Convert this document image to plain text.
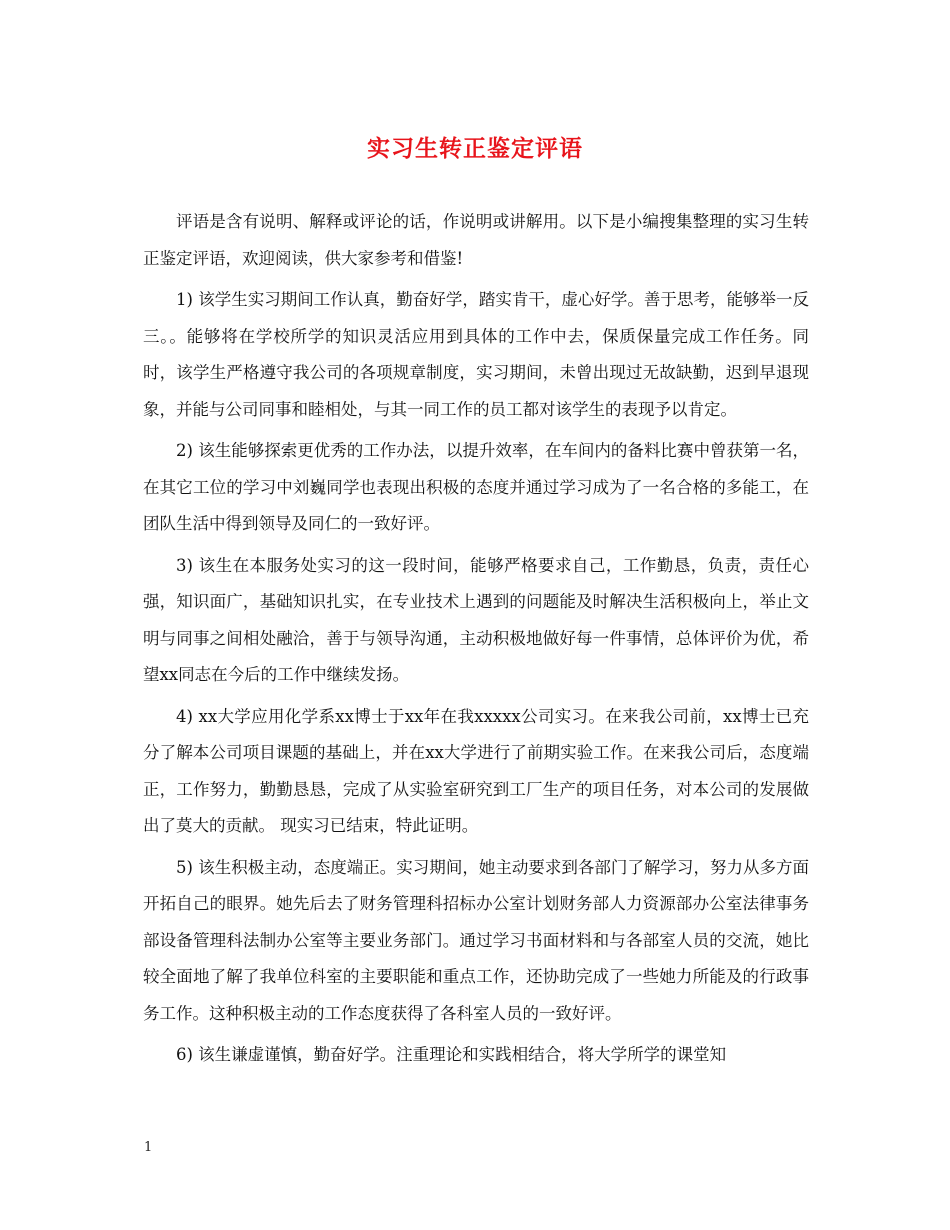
实习生转正鉴定评语

评语是含有说明、解释或评论的话，作说明或讲解用。以下是小编搜集整理的实习生转正鉴定评语，欢迎阅读，供大家参考和借鉴!

1) 该学生实习期间工作认真，勤奋好学，踏实肯干，虚心好学。善于思考，能够举一反三。。能够将在学校所学的知识灵活应用到具体的工作中去，保质保量完成工作任务。同时，该学生严格遵守我公司的各项规章制度，实习期间，未曾出现过无故缺勤，迟到早退现象，并能与公司同事和睦相处，与其一同工作的员工都对该学生的表现予以肯定。

2) 该生能够探索更优秀的工作办法，以提升效率，在车间内的备料比赛中曾获第一名，在其它工位的学习中刘巍同学也表现出积极的态度并通过学习成为了一名合格的多能工，在团队生活中得到领导及同仁的一致好评。

3) 该生在本服务处实习的这一段时间，能够严格要求自己，工作勤恳，负责，责任心强，知识面广，基础知识扎实，在专业技术上遇到的问题能及时解决生活积极向上，举止文明与同事之间相处融洽，善于与领导沟通，主动积极地做好每一件事情，总体评价为优，希望xx同志在今后的工作中继续发扬。

4) xx大学应用化学系xx博士于xx年在我xxxxx公司实习。在来我公司前，xx博士已充分了解本公司项目课题的基础上，并在xx大学进行了前期实验工作。在来我公司后，态度端正，工作努力，勤勤恳恳，完成了从实验室研究到工厂生产的项目任务，对本公司的发展做出了莫大的贡献。 现实习已结束，特此证明。

5) 该生积极主动，态度端正。实习期间，她主动要求到各部门了解学习，努力从多方面开拓自己的眼界。她先后去了财务管理科招标办公室计划财务部人力资源部办公室法律事务部设备管理科法制办公室等主要业务部门。通过学习书面材料和与各部室人员的交流，她比较全面地了解了我单位科室的主要职能和重点工作，还协助完成了一些她力所能及的行政事务工作。这种积极主动的工作态度获得了各科室人员的一致好评。

6) 该生谦虚谨慎，勤奋好学。注重理论和实践相结合，将大学所学的课堂知

1
